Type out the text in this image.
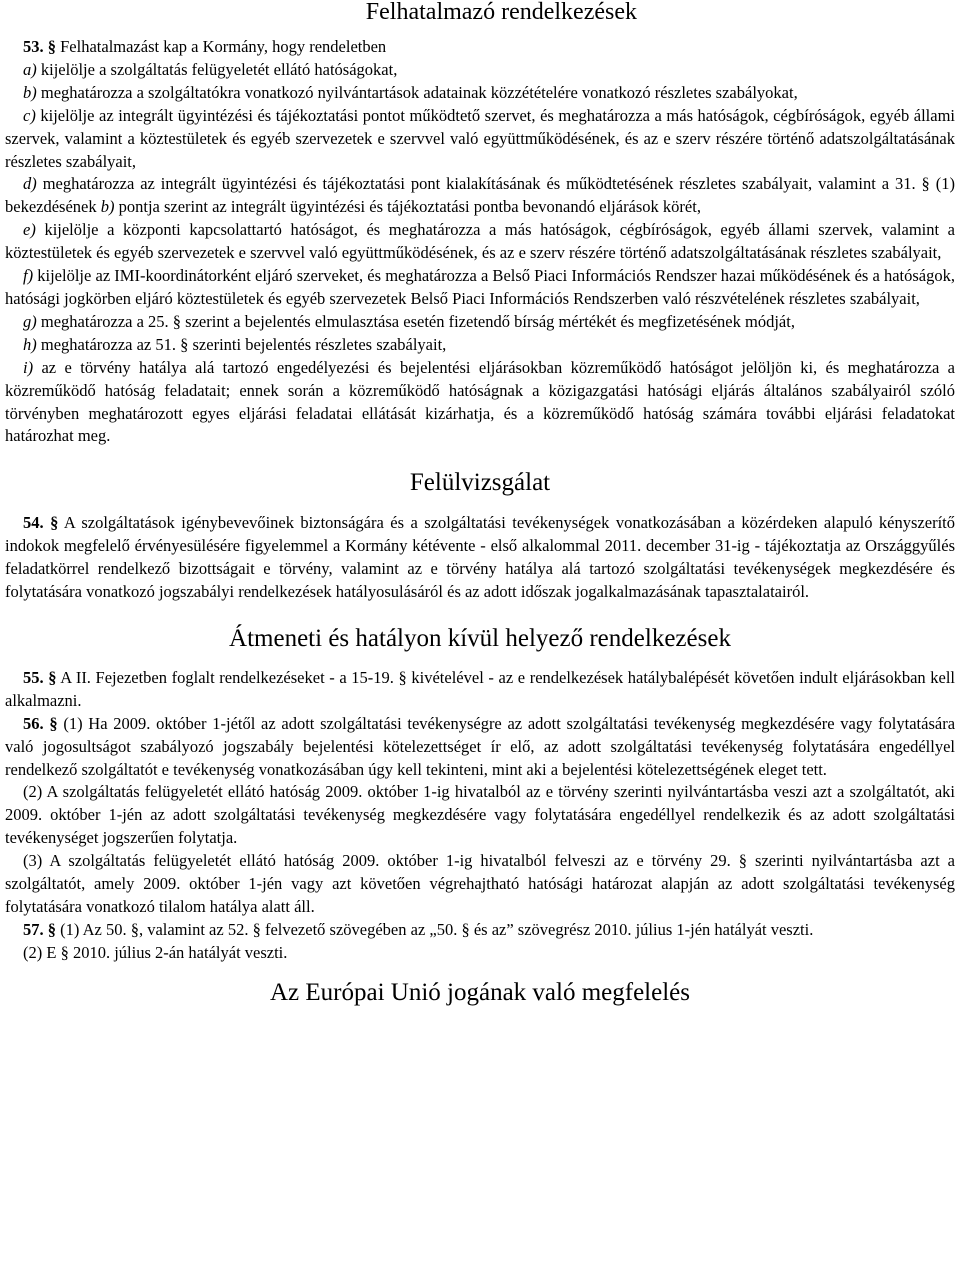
Felhatalmazó rendelkezések

53. § Felhatalmazást kap a Kormány, hogy rendeletben

a) kijelölje a szolgáltatás felügyeletét ellátó hatóságokat,

b) meghatározza a szolgáltatókra vonatkozó nyilvántartások adatainak közzétételére vonatkozó részletes szabályokat,

c) kijelölje az integrált ügyintézési és tájékoztatási pontot működtető szervet, és meghatározza a más hatóságok, cégbíróságok, egyéb állami szervek, valamint a köztestületek és egyéb szervezetek e szervvel való együttműködésének, és az e szerv részére történő adatszolgáltatásának részletes szabályait,

d) meghatározza az integrált ügyintézési és tájékoztatási pont kialakításának és működtetésének részletes szabályait, valamint a 31. § (1) bekezdésének b) pontja szerint az integrált ügyintézési és tájékoztatási pontba bevonandó eljárások körét,

e) kijelölje a központi kapcsolattartó hatóságot, és meghatározza a más hatóságok, cégbíróságok, egyéb állami szervek, valamint a köztestületek és egyéb szervezetek e szervvel való együttműködésének, és az e szerv részére történő adatszolgáltatásának részletes szabályait,

f) kijelölje az IMI-koordinátorként eljáró szerveket, és meghatározza a Belső Piaci Információs Rendszer hazai működésének és a hatóságok, hatósági jogkörben eljáró köztestületek és egyéb szervezetek Belső Piaci Információs Rendszerben való részvételének részletes szabályait,

g) meghatározza a 25. § szerint a bejelentés elmulasztása esetén fizetendő bírság mértékét és megfizetésének módját,

h) meghatározza az 51. § szerinti bejelentés részletes szabályait,

i) az e törvény hatálya alá tartozó engedélyezési és bejelentési eljárásokban közreműködő hatóságot jelöljön ki, és meghatározza a közreműködő hatóság feladatait; ennek során a közreműködő hatóságnak a közigazgatási hatósági eljárás általános szabályairól szóló törvényben meghatározott egyes eljárási feladatai ellátását kizárhatja, és a közreműködő hatóság számára további eljárási feladatokat határozhat meg.

Felülvizsgálat

54. § A szolgáltatások igénybevevőinek biztonságára és a szolgáltatási tevékenységek vonatkozásában a közérdeken alapuló kényszerítő indokok megfelelő érvényesülésére figyelemmel a Kormány kétévente - első alkalommal 2011. december 31-ig - tájékoztatja az Országgyűlés feladatkörrel rendelkező bizottságait e törvény, valamint az e törvény hatálya alá tartozó szolgáltatási tevékenységek megkezdésére és folytatására vonatkozó jogszabályi rendelkezések hatályosulásáról és az adott időszak jogalkalmazásának tapasztalatairól.

Átmeneti és hatályon kívül helyező rendelkezések

55. § A II. Fejezetben foglalt rendelkezéseket - a 15-19. § kivételével - az e rendelkezések hatálybalépését követően indult eljárásokban kell alkalmazni.

56. § (1) Ha 2009. október 1-jétől az adott szolgáltatási tevékenységre az adott szolgáltatási tevékenység megkezdésére vagy folytatására való jogosultságot szabályozó jogszabály bejelentési kötelezettséget ír elő, az adott szolgáltatási tevékenység folytatására engedéllyel rendelkező szolgáltatót e tevékenység vonatkozásában úgy kell tekinteni, mint aki a bejelentési kötelezettségének eleget tett.

(2) A szolgáltatás felügyeletét ellátó hatóság 2009. október 1-ig hivatalból az e törvény szerinti nyilvántartásba veszi azt a szolgáltatót, aki 2009. október 1-jén az adott szolgáltatási tevékenység megkezdésére vagy folytatására engedéllyel rendelkezik és az adott szolgáltatási tevékenységet jogszerűen folytatja.

(3) A szolgáltatás felügyeletét ellátó hatóság 2009. október 1-ig hivatalból felveszi az e törvény 29. § szerinti nyilvántartásba azt a szolgáltatót, amely 2009. október 1-jén vagy azt követően végrehajtható hatósági határozat alapján az adott szolgáltatási tevékenység folytatására vonatkozó tilalom hatálya alatt áll.

57. § (1) Az 50. §, valamint az 52. § felvezető szövegében az „50. § és az” szövegrész 2010. július 1-jén hatályát veszti.

(2) E § 2010. július 2-án hatályát veszti.

Az Európai Unió jogának való megfelelés
